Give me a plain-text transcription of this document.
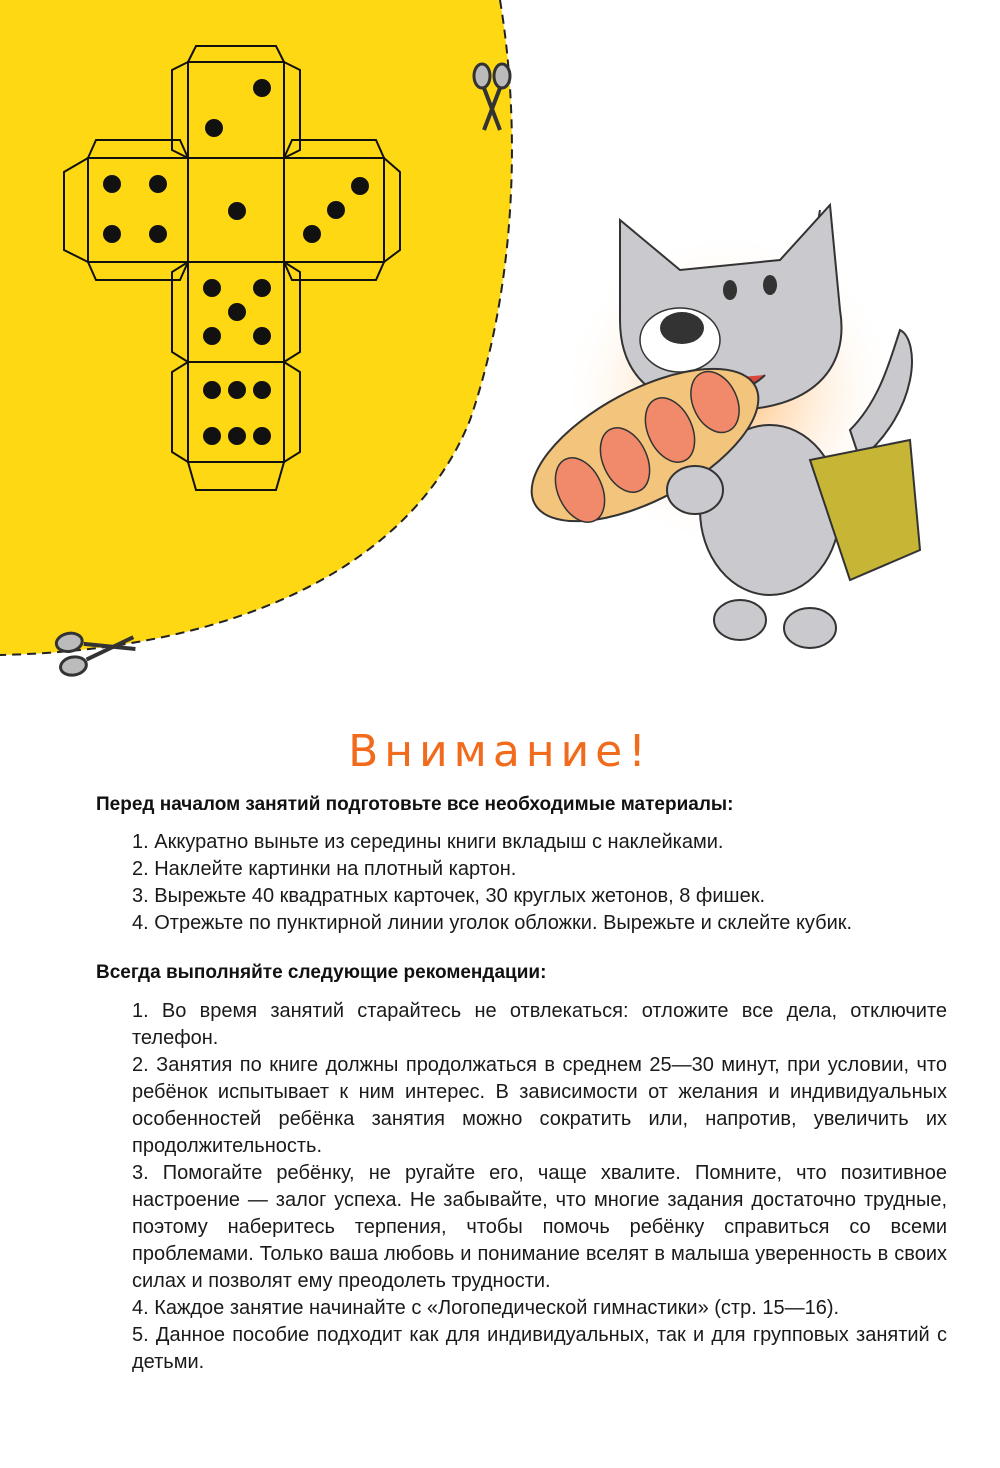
Внимание!
Перед началом занятий подготовьте все необходимые материалы:
1. Аккуратно выньте из середины книги вкладыш с наклейками.
2. Наклейте картинки на плотный картон.
3. Вырежьте 40 квадратных карточек, 30 круглых жетонов, 8 фишек.
4. Отрежьте по пунктирной линии уголок обложки. Вырежьте и склейте кубик.
Всегда выполняйте следующие рекомендации:
1. Во время занятий старайтесь не отвлекаться: отложите все дела, отключите телефон.
2. Занятия по книге должны продолжаться в среднем 25—30 минут, при условии, что ребёнок испытывает к ним интерес. В зависимости от желания и индивидуальных особенностей ребёнка занятия можно сократить или, напротив, увеличить их продолжительность.
3. Помогайте ребёнку, не ругайте его, чаще хвалите. Помните, что позитивное настроение — залог успеха. Не забывайте, что многие задания достаточно трудные, поэтому наберитесь терпения, чтобы помочь ребёнку справиться со всеми проблемами. Только ваша любовь и понимание вселят в малыша уверенность в своих силах и позволят ему преодолеть трудности.
4. Каждое занятие начинайте с «Логопедической гимнастики» (стр. 15—16).
5. Данное пособие подходит как для индивидуальных, так и для групповых занятий с детьми.
